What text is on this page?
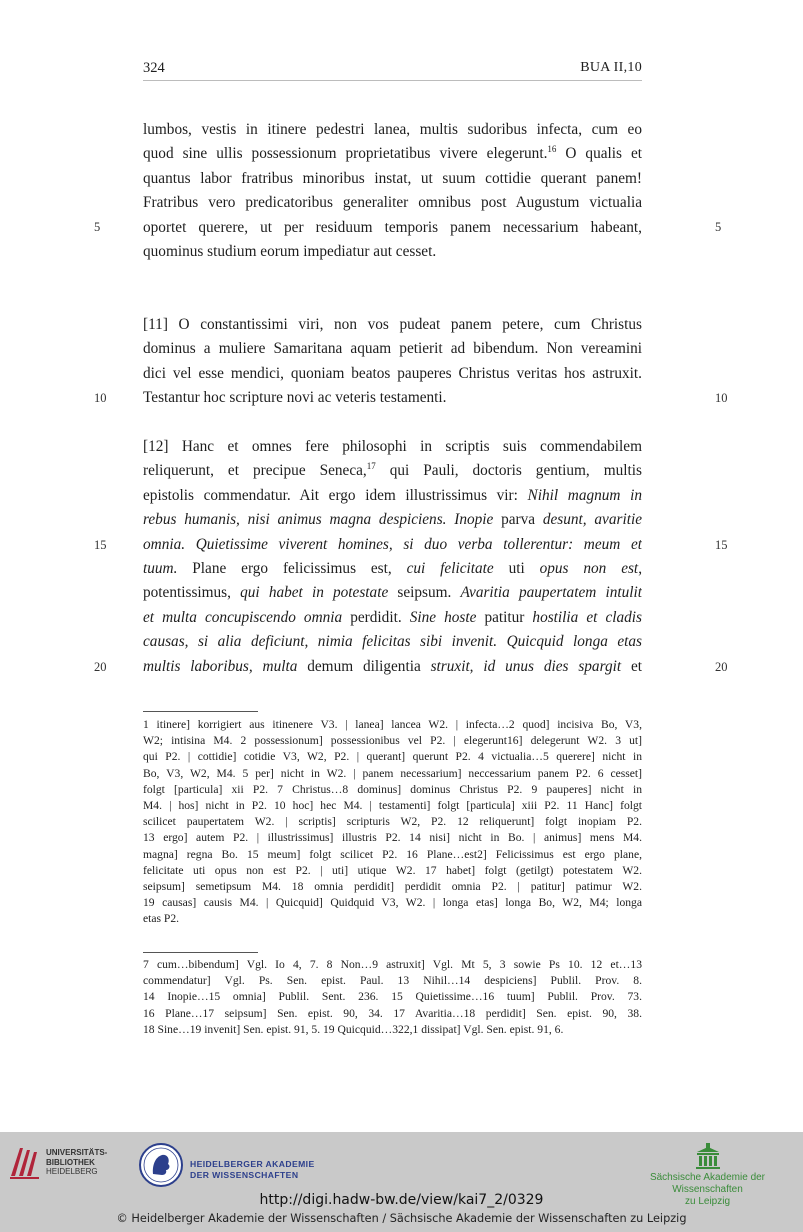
324	BUA II,10
lumbos, vestis in itinere pedestri lanea, multis sudoribus infecta, cum eo
quod sine ullis possessionum proprietatibus vivere elegerunt.$^{16}$ O qualis et
quantus labor fratribus minoribus instat, ut suum cottidie querant panem!
Fratribus vero predicatoribus generaliter omnibus post Augustum victualia
oportet querere, ut per residuum temporis panem necessarium habeant,
quominus studium eorum impediatur aut cesset.
[11] O constantissimi viri, non vos pudeat panem petere, cum Christus
dominus a muliere Samaritana aquam petierit ad bibendum. Non vereamini
dici vel esse mendici, quoniam beatos pauperes Christus veritas hos astruxit.
Testantur hoc scripture novi ac veteris testamenti.
[12] Hanc et omnes fere philosophi in scriptis suis commendabilem
reliquerunt, et precipue Seneca,$^{17}$ qui Pauli, doctoris gentium, multis
epistolis commendatur. Ait ergo idem illustrissimus vir: Nihil magnum in
rebus humanis, nisi animus magna despiciens. Inopie parva desunt, avaritie
omnia. Quietissime viverent homines, si duo verba tollerentur: meum et
tuum. Plane ergo felicissimus est, cui felicitate uti opus non est,
potentissimus, qui habet in potestate seipsum. Avaritia paupertatem intulit
et multa concupiscendo omnia perdidit. Sine hoste patitur hostilia et cladis
causas, si alia deficiunt, nimia felicitas sibi invenit. Quicquid longa etas
multis laboribus, multa demum diligentia struxit, id unus dies spargit et
5	5
10	10
15	15
20	20
1 itinere] korrigiert aus itinenere V3. | lanea] lancea W2. | infecta…2 quod] incisiva Bo, V3,
W2; intisina M4. 2 possessionum] possessionibus vel P2. | elegerunt16] delegerunt W2. 3 ut]
qui P2. | cottidie] cotidie V3, W2, P2. | querant] querunt P2. 4 victualia…5 querere] nicht in
Bo, V3, W2, M4. 5 per] nicht in W2. | panem necessarium] neccessarium panem P2. 6 cesset]
folgt [particula] xii P2. 7 Christus…8 dominus] dominus Christus P2. 9 pauperes] nicht in
M4. | hos] nicht in P2. 10 hoc] hec M4. | testamenti] folgt [particula] xiii P2. 11 Hanc] folgt
scilicet paupertatem W2. | scriptis] scripturis W2, P2. 12 reliquerunt] folgt inopiam P2.
13 ergo] autem P2. | illustrissimus] illustris P2. 14 nisi] nicht in Bo. | animus] mens M4.
magna] regna Bo. 15 meum] folgt scilicet P2. 16 Plane…est2] Felicissimus est ergo plane,
felicitate uti opus non est P2. | uti] utique W2. 17 habet] folgt (getilgt) potestatem W2.
seipsum] semetipsum M4. 18 omnia perdidit] perdidit omnia P2. | patitur] patimur W2.
19 causas] causis M4. | Quicquid] Quidquid V3, W2. | longa etas] longa Bo, W2, M4; longa
etas P2.
7 cum…bibendum] Vgl. Io 4, 7. 8 Non…9 astruxit] Vgl. Mt 5, 3 sowie Ps 10. 12 et…13
commendatur] Vgl. Ps. Sen. epist. Paul. 13 Nihil…14 despiciens] Publil. Prov. 8.
14 Inopie…15 omnia] Publil. Sent. 236. 15 Quietissime…16 tuum] Publil. Prov. 73.
16 Plane…17 seipsum] Sen. epist. 90, 34. 17 Avaritia…18 perdidit] Sen. epist. 90, 38.
18 Sine…19 invenit] Sen. epist. 91, 5. 19 Quicquid…322,1 dissipat] Vgl. Sen. epist. 91, 6.
UNIVERSITÄTS-
BIBLIOTHEK
HEIDELBERG
HEIDELBERGER AKADEMIE
DER WISSENSCHAFTEN	Sächsische Akademie der Wissenschaften
zu Leipzig
http://digi.hadw-bw.de/view/kai7_2/0329
© Heidelberger Akademie der Wissenschaften / Sächsische Akademie der Wissenschaften zu Leipzig
